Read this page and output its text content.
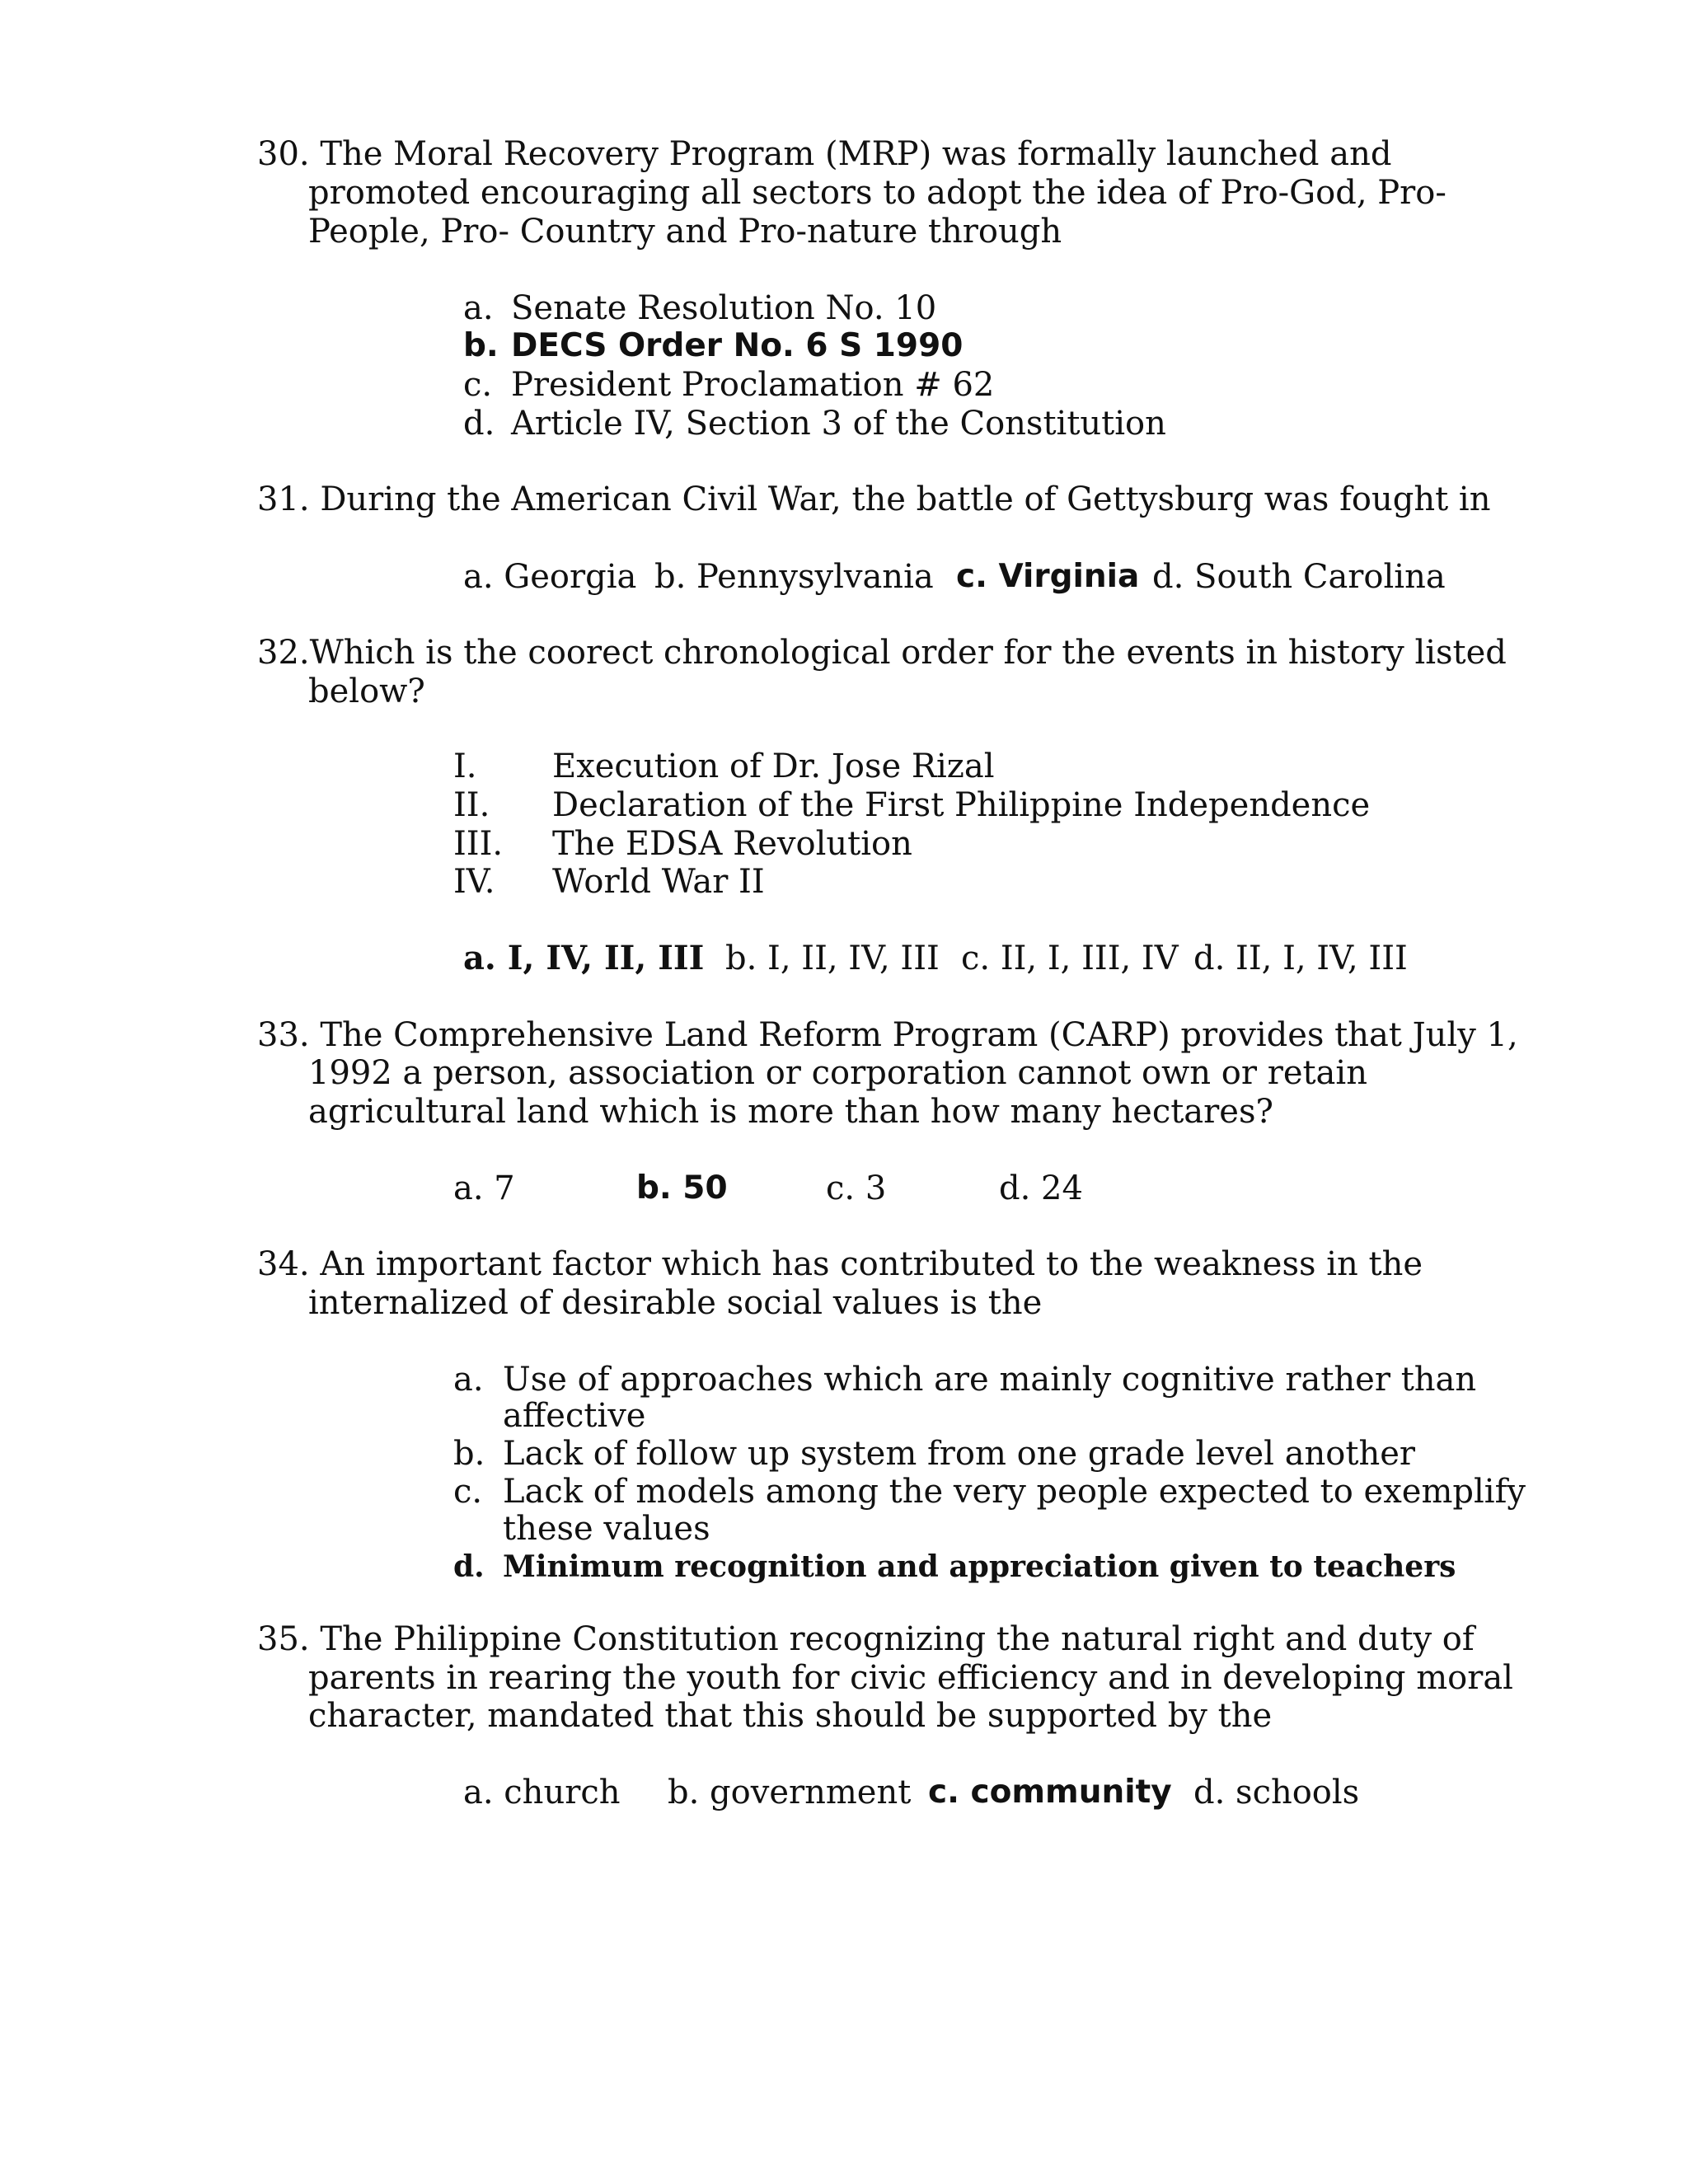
30. The Moral Recovery Program (MRP) was formally launched and
promoted encouraging all sectors to adopt the idea of Pro-God, Pro-
People, Pro- Country and Pro-nature through
a. Senate Resolution No. 10
b. DECS Order No. 6 S 1990
c. President Proclamation # 62
d. Article IV, Section 3 of the Constitution
31. During the American Civil War, the battle of Gettysburg was fought in
a. Georgia b. Pennysylvania c. Virginia d. South Carolina
32.Which is the coorect chronological order for the events in history listed
below?
I. Execution of Dr. Jose Rizal
II. Declaration of the First Philippine Independence
III. The EDSA Revolution
IV. World War II
a. I, IV, II, III b. I, II, IV, III c. II, I, III, IV d. II, I, IV, III
33. The Comprehensive Land Reform Program (CARP) provides that July 1,
1992 a person, association or corporation cannot own or retain
agricultural land which is more than how many hectares?
a. 7	b. 50	c. 3	d. 24
34. An important factor which has contributed to the weakness in the
internalized of desirable social values is the
a. Use of approaches which are mainly cognitive rather than
affective
b. Lack of follow up system from one grade level another
c. Lack of models among the very people expected to exemplify
these values
d. Minimum recognition and appreciation given to teachers
35. The Philippine Constitution recognizing the natural right and duty of
parents in rearing the youth for civic efficiency and in developing moral
character, mandated that this should be supported by the
a. church b. government c. community d. schools
